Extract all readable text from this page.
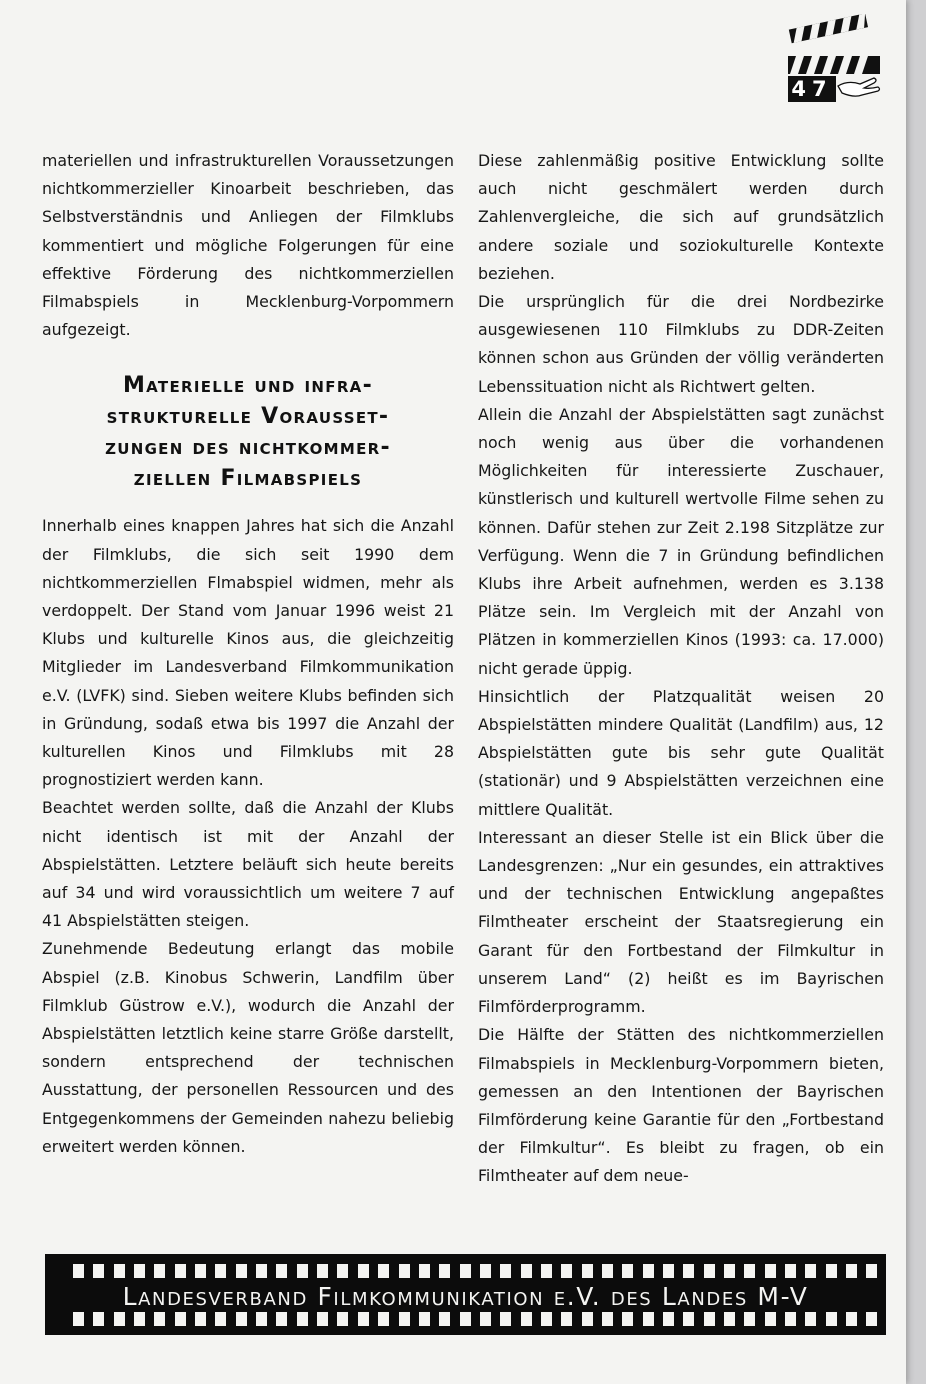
47

materiellen und infrastrukturellen Voraussetzungen nichtkommerzieller Kinoarbeit beschrieben, das Selbstverständnis und Anliegen der Filmklubs kommentiert und mögliche Folgerungen für eine effektive Förderung des nichtkommerziellen Filmabspiels in Mecklenburg-Vorpommern aufgezeigt.

Materielle und infra-
strukturelle Vorausset-
zungen des nichtkommer-
ziellen Filmabspiels

Innerhalb eines knappen Jahres hat sich die Anzahl der Filmklubs, die sich seit 1990 dem nichtkommerziellen Flmabspiel widmen, mehr als verdoppelt. Der Stand vom Januar 1996 weist 21 Klubs und kulturelle Kinos aus, die gleichzeitig Mitglieder im Landesverband Filmkommunikation e.V. (LVFK) sind. Sieben weitere Klubs befinden sich in Gründung, sodaß etwa bis 1997 die Anzahl der kulturellen Kinos und Filmklubs mit 28 prognostiziert werden kann.

Beachtet werden sollte, daß die Anzahl der Klubs nicht identisch ist mit der Anzahl der Abspielstätten. Letztere beläuft sich heute bereits auf 34 und wird voraussichtlich um weitere 7 auf 41 Abspielstätten steigen.

Zunehmende Bedeutung erlangt das mobile Abspiel (z.B. Kinobus Schwerin, Landfilm über Filmklub Güstrow e.V.), wodurch die Anzahl der Abspielstätten letztlich keine starre Größe darstellt, sondern entsprechend der technischen Ausstattung, der personellen Ressourcen und des Entgegenkommens der Gemeinden nahezu beliebig erweitert werden können.

Diese zahlenmäßig positive Entwicklung sollte auch nicht geschmälert werden durch Zahlenvergleiche, die sich auf grundsätzlich andere soziale und soziokulturelle Kontexte beziehen.

Die ursprünglich für die drei Nordbezirke ausgewiesenen 110 Filmklubs zu DDR-Zeiten können schon aus Gründen der völlig veränderten Lebenssituation nicht als Richtwert gelten.

Allein die Anzahl der Abspielstätten sagt zunächst noch wenig aus über die vorhandenen Möglichkeiten für interessierte Zuschauer, künstlerisch und kulturell wertvolle Filme sehen zu können. Dafür stehen zur Zeit 2.198 Sitzplätze zur Verfügung. Wenn die 7 in Gründung befindlichen Klubs ihre Arbeit aufnehmen, werden es 3.138 Plätze sein. Im Vergleich mit der Anzahl von Plätzen in kommerziellen Kinos (1993: ca. 17.000) nicht gerade üppig.

Hinsichtlich der Platzqualität weisen 20 Abspielstätten mindere Qualität (Landfilm) aus, 12 Abspielstätten gute bis sehr gute Qualität (stationär) und 9 Abspielstätten verzeichnen eine mittlere Qualität.

Interessant an dieser Stelle ist ein Blick über die Landesgrenzen: „Nur ein gesundes, ein attraktives und der technischen Entwicklung angepaßtes Filmtheater erscheint der Staatsregierung ein Garant für den Fortbestand der Filmkultur in unserem Land“ (2) heißt es im Bayrischen Filmförderprogramm.

Die Hälfte der Stätten des nichtkommerziellen Filmabspiels in Mecklenburg-Vorpommern bieten, gemessen an den Intentionen der Bayrischen Filmförderung keine Garantie für den „Fortbestand der Filmkultur“. Es bleibt zu fragen, ob ein Filmtheater auf dem neue-

Landesverband Filmkommunikation e.V. des Landes M-V
